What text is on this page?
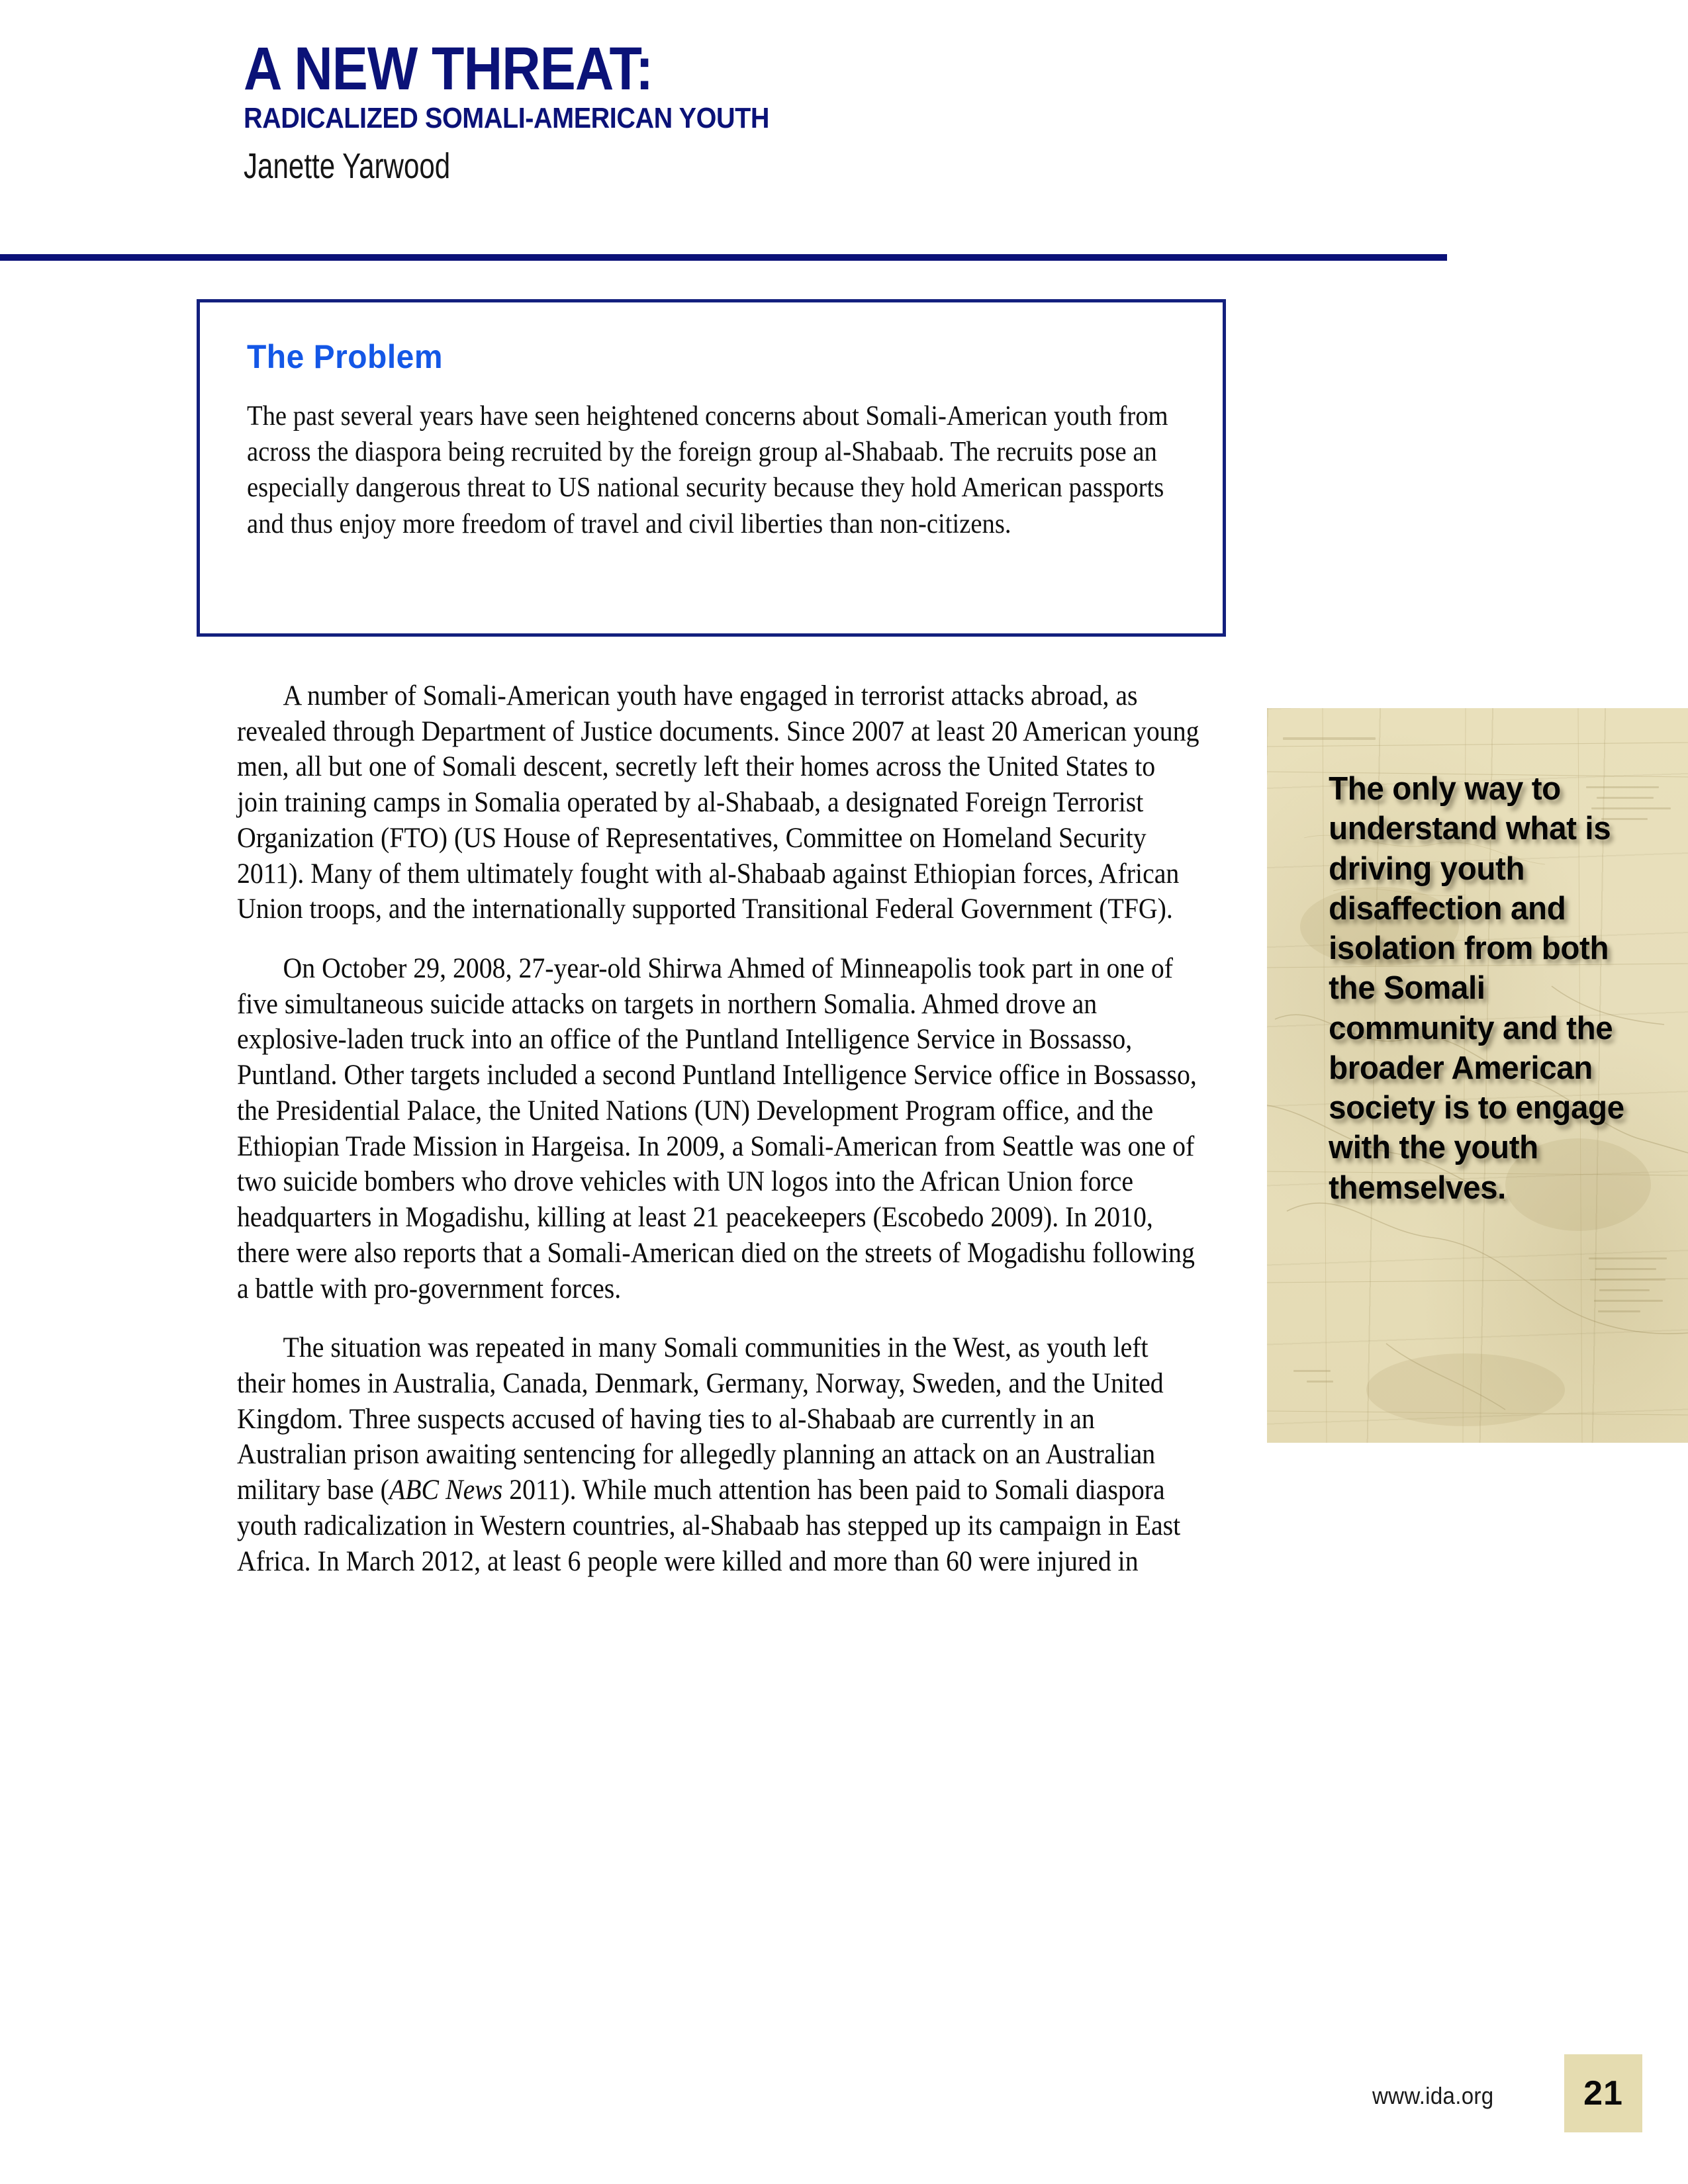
A NEW THREAT:
RADICALIZED SOMALI-AMERICAN YOUTH
Janette Yarwood
The Problem
The past several years have seen heightened concerns about Somali-American youth from across the diaspora being recruited by the foreign group al-Shabaab. The recruits pose an especially dangerous threat to US national security because they hold American passports and thus enjoy more freedom of travel and civil liberties than non-citizens.

A number of Somali-American youth have engaged in terrorist attacks abroad, as revealed through Department of Justice documents. Since 2007 at least 20 American young men, all but one of Somali descent, secretly left their homes across the United States to join training camps in Somalia operated by al-Shabaab, a designated Foreign Terrorist Organization (FTO) (US House of Representatives, Committee on Homeland Security 2011). Many of them ultimately fought with al-Shabaab against Ethiopian forces, African Union troops, and the internationally supported Transitional Federal Government (TFG).

On October 29, 2008, 27-year-old Shirwa Ahmed of Minneapolis took part in one of five simultaneous suicide attacks on targets in northern Somalia. Ahmed drove an explosive-laden truck into an office of the Puntland Intelligence Service in Bossasso, Puntland. Other targets included a second Puntland Intelligence Service office in Bossasso, the Presidential Palace, the United Nations (UN) Development Program office, and the Ethiopian Trade Mission in Hargeisa. In 2009, a Somali-American from Seattle was one of two suicide bombers who drove vehicles with UN logos into the African Union force headquarters in Mogadishu, killing at least 21 peacekeepers (Escobedo 2009). In 2010, there were also reports that a Somali-American died on the streets of Mogadishu following a battle with pro-government forces.

The situation was repeated in many Somali communities in the West, as youth left their homes in Australia, Canada, Denmark, Germany, Norway, Sweden, and the United Kingdom. Three suspects accused of having ties to al-Shabaab are currently in an Australian prison awaiting sentencing for allegedly planning an attack on an Australian military base (ABC News 2011). While much attention has been paid to Somali diaspora youth radicalization in Western countries, al-Shabaab has stepped up its campaign in East Africa. In March 2012, at least 6 people were killed and more than 60 were injured in

The only way to understand what is driving youth disaffection and isolation from both the Somali community and the broader American society is to engage with the youth themselves.
www.ida.org	21
